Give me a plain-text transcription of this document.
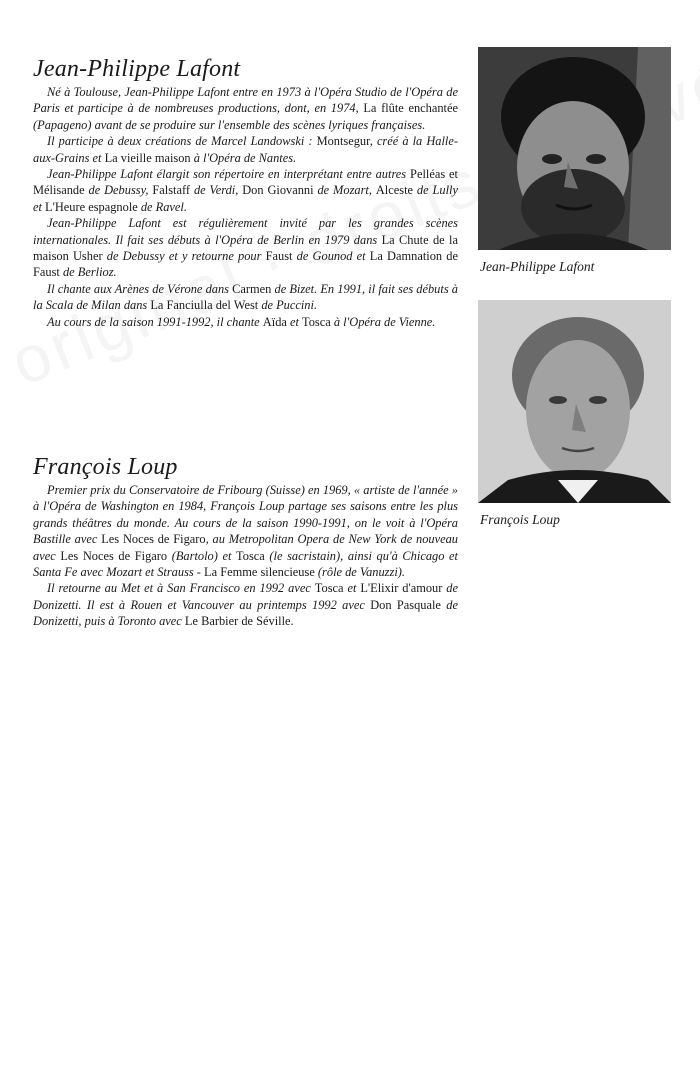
Jean-Philippe Lafont

Né à Toulouse, Jean-Philippe Lafont entre en 1973 à l'Opéra Studio de l'Opéra de Paris et participe à de nombreuses productions, dont, en 1974, La flûte enchantée (Papageno) avant de se produire sur l'ensemble des scènes lyriques françaises.

Il participe à deux créations de Marcel Landowski : Montsegur, créé à la Halle-aux-Grains et La vieille maison à l'Opéra de Nantes.

Jean-Philippe Lafont élargit son répertoire en interprétant entre autres Pelléas et Mélisande de Debussy, Falstaff de Verdi, Don Giovanni de Mozart, Alceste de Lully et L'Heure espagnole de Ravel.

Jean-Philippe Lafont est régulièrement invité par les grandes scènes internationales. Il fait ses débuts à l'Opéra de Berlin en 1979 dans La Chute de la maison Usher de Debussy et y retourne pour Faust de Gounod et La Damnation de Faust de Berlioz.

Il chante aux Arènes de Vérone dans Carmen de Bizet. En 1991, il fait ses débuts à la Scala de Milan dans La Fanciulla del West de Puccini.

Au cours de la saison 1991-1992, il chante Aïda et Tosca à l'Opéra de Vienne.

François Loup

Premier prix du Conservatoire de Fribourg (Suisse) en 1969, « artiste de l'année » à l'Opéra de Washington en 1984, François Loup partage ses saisons entre les plus grands théâtres du monde. Au cours de la saison 1990-1991, on le voit à l'Opéra Bastille avec Les Noces de Figaro, au Metropolitan Opera de New York de nouveau avec Les Noces de Figaro (Bartolo) et Tosca (le sacristain), ainsi qu'à Chicago et Santa Fe avec Mozart et Strauss - La Femme silencieuse (rôle de Vanuzzi).

Il retourne au Met et à San Francisco en 1992 avec Tosca et L'Elixir d'amour de Donizetti. Il est à Rouen et Vancouver au printemps 1992 avec Don Pasquale de Donizetti, puis à Toronto avec Le Barbier de Séville.

Jean-Philippe Lafont
François Loup
